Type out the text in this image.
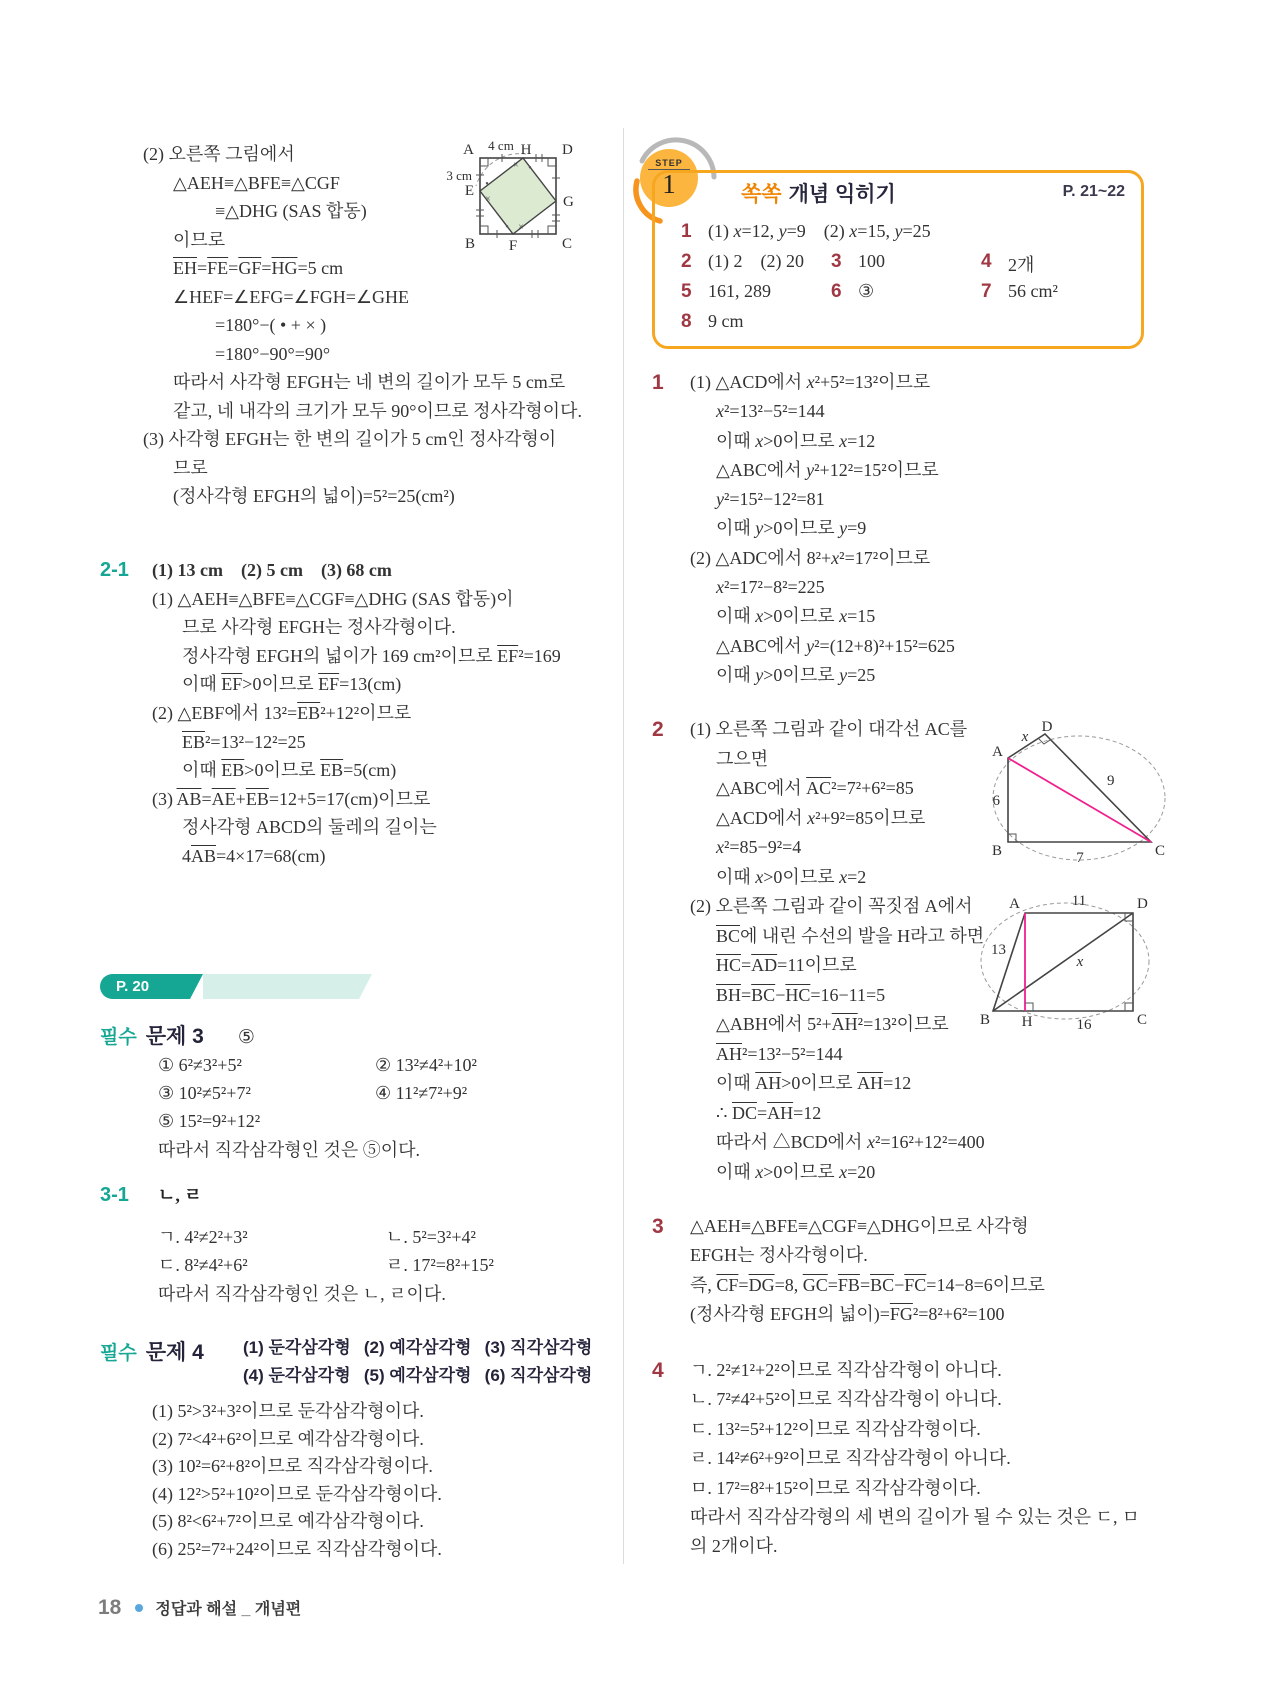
(2) 오른쪽 그림에서
△AEH≡△BFE≡△CGF
≡△DHG (SAS 합동)
이므로
$\overline{EH}=\overline{FE}=\overline{GF}=\overline{HG}=5$ cm
∠HEF=∠EFG=∠FGH=∠GHE
=180°−( • + × )
=180°−90°=90°
따라서 사각형 EFGH는 네 변의 길이가 모두 5 cm로
같고, 네 내각의 크기가 모두 90°이므로 정사각형이다.
(3) 사각형 EFGH는 한 변의 길이가 5 cm인 정사각형이
므로
(정사각형 EFGH의 넓이)=5²=25(cm²)
A 4 cm H D
3 cm
E
G
B F	C
× •
•
×
• ×
2-1 (1) 13 cm  (2) 5 cm  (3) 68 cm
(1) △AEH≡△BFE≡△CGF≡△DHG (SAS 합동)이
므로 사각형 EFGH는 정사각형이다.
정사각형 EFGH의 넓이가 169 cm²이므로 $\overline{EF}^2=169$
이때 $\overline{EF}>0$이므로 $\overline{EF}=13(cm)$
(2) △EBF에서 $13^2=\overline{EB}^2+12^2$이므로
$\overline{EB}^2=13^2-12^2=25$
이때 $\overline{EB}>0$이므로 $\overline{EB}=5(cm)$
(3) $\overline{AB}=\overline{AE}+\overline{EB}=12+5=17(cm)$이므로
정사각형 ABCD의 둘레의 길이는
$4\overline{AB}=4\times 17=68(cm)$
P. 20
필수 문제 3 ⑤
① 6²≠3²+5²	② 13²≠4²+10²
③ 10²≠5²+7²	④ 11²≠7²+9²
⑤ 15²=9²+12²
따라서 직각삼각형인 것은 ⑤이다.
3-1 ㄴ, ㄹ
ㄱ. 4²≠2²+3²	ㄴ. 5²=3²+4²
ㄷ. 8²≠4²+6²	ㄹ. 17²=8²+15²
따라서 직각삼각형인 것은 ㄴ, ㄹ이다.
필수 문제 4 (1) 둔각삼각형  (2) 예각삼각형  (3) 직각삼각형
(4) 둔각삼각형  (5) 예각삼각형  (6) 직각삼각형
(1) 5²>3²+3²이므로 둔각삼각형이다.
(2) 7²<4²+6²이므로 예각삼각형이다.
(3) 10²=6²+8²이므로 직각삼각형이다.
(4) 12²>5²+10²이므로 둔각삼각형이다.
(5) 8²<6²+7²이므로 예각삼각형이다.
(6) 25²=7²+24²이므로 직각삼각형이다.
18 정답과 해설 _ 개념편
STEP
1	쏙쏙 개념 익히기	P. 21~22
1 (1) x=12, y=9  (2) x=15, y=25
2 (1) 2  (2) 20 3 100	4 2개
5 161, 289	6 ③	7 56 cm²
8 9 cm
1 (1) △ACD에서 x²+5²=13²이므로
x²=13²−5²=144
이때 x>0이므로 x=12
△ABC에서 y²+12²=15²이므로
y²=15²−12²=81
이때 y>0이므로 y=9
(2) △ADC에서 8²+x²=17²이므로
x²=17²−8²=225
이때 x>0이므로 x=15
△ABC에서 y²=(12+8)²+15²=625
이때 y>0이므로 y=25
2 (1) 오른쪽 그림과 같이 대각선 AC를
그으면
△ABC에서 $\overline{AC}^2=7^2+6^2=85$
△ACD에서 x²+9²=85이므로
x²=85−9²=4
이때 x>0이므로 x=2
(2) 오른쪽 그림과 같이 꼭짓점 A에서
$\overline{BC}$에 내린 수선의 발을 H라고 하면
$\overline{HC}=\overline{AD}=11$이므로
$\overline{BH}=\overline{BC}-\overline{HC}=16-11=5$
△ABH에서 $5^2+\overline{AH}^2=13^2$이므로
$\overline{AH}^2=13^2-5^2=144$
이때 $\overline{AH}>0$이므로 $\overline{AH}=12$
∴ $\overline{DC}=\overline{AH}=12$
따라서 △BCD에서 x²=16²+12²=400
이때 x>0이므로 x=20
A
D
x
9
6
B	7	C
A	11	D
13
x
B H	16	C
3 △AEH≡△BFE≡△CGF≡△DHG이므로 사각형
EFGH는 정사각형이다.
즉, $\overline{CF}=\overline{DG}=8$, $\overline{GC}=\overline{FB}=\overline{BC}-\overline{FC}=14-8=6$이므로
(정사각형 EFGH의 넓이)$=\overline{FG}^2=8^2+6^2=100$
4 ㄱ. 2²≠1²+2²이므로 직각삼각형이 아니다.
ㄴ. 7²≠4²+5²이므로 직각삼각형이 아니다.
ㄷ. 13²=5²+12²이므로 직각삼각형이다.
ㄹ. 14²≠6²+9²이므로 직각삼각형이 아니다.
ㅁ. 17²=8²+15²이므로 직각삼각형이다.
따라서 직각삼각형의 세 변의 길이가 될 수 있는 것은 ㄷ, ㅁ
의 2개이다.
